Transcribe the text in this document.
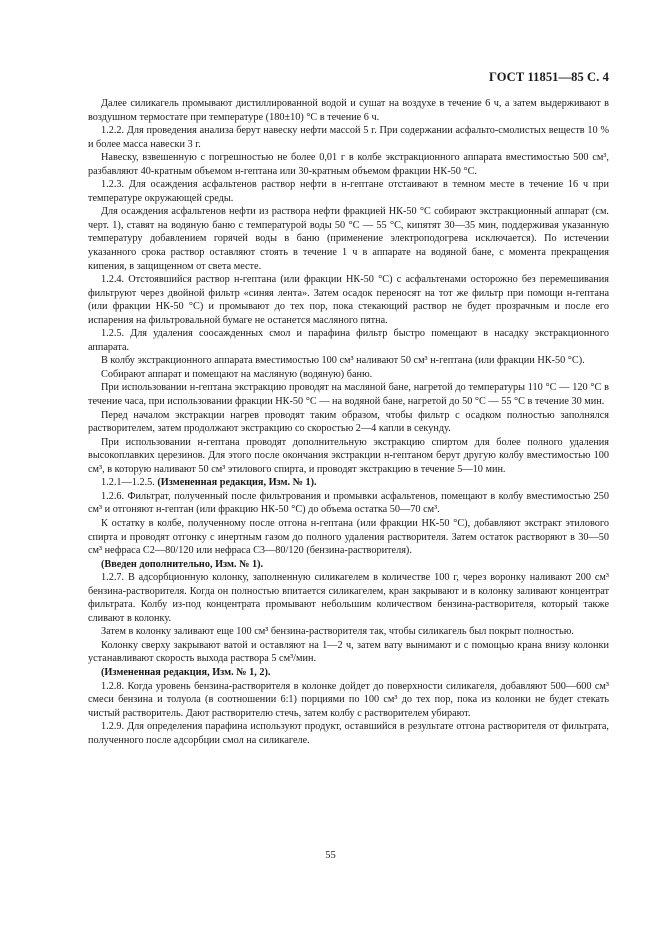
ГОСТ 11851—85 С. 4

Далее силикагель промывают дистиллированной водой и сушат на воздухе в течение 6 ч, а затем выдерживают в воздушном термостате при температуре (180±10) °С в течение 6 ч.

1.2.2. Для проведения анализа берут навеску нефти массой 5 г. При содержании асфальто-смолистых веществ 10 % и более масса навески 3 г.

Навеску, взвешенную с погрешностью не более 0,01 г в колбе экстракционного аппарата вместимостью 500 см³, разбавляют 40-кратным объемом н-гептана или 30-кратным объемом фракции НК-50 °С.

1.2.3. Для осаждения асфальтенов раствор нефти в н-гептане отстаивают в темном месте в течение 16 ч при температуре окружающей среды.

Для осаждения асфальтенов нефти из раствора нефти фракцией НК-50 °С собирают экстракционный аппарат (см. черт. 1), ставят на водяную баню с температурой воды 50 °С — 55 °С, кипятят 30—35 мин, поддерживая указанную температуру добавлением горячей воды в баню (применение электроподогрева исключается). По истечении указанного срока раствор оставляют стоять в течение 1 ч в аппарате на водяной бане, с момента прекращения кипения, в защищенном от света месте.

1.2.4. Отстоявшийся раствор н-гептана (или фракции НК-50 °С) с асфальтенами осторожно без перемешивания фильтруют через двойной фильтр «синяя лента». Затем осадок переносят на тот же фильтр при помощи н-гептана (или фракции НК-50 °С) и промывают до тех пор, пока стекающий раствор не будет прозрачным и после его испарения на фильтровальной бумаге не останется масляного пятна.

1.2.5. Для удаления соосажденных смол и парафина фильтр быстро помещают в насадку экстракционного аппарата.

В колбу экстракционного аппарата вместимостью 100 см³ наливают 50 см³ н-гептана (или фракции НК-50 °С).

Собирают аппарат и помещают на масляную (водяную) баню.

При использовании н-гептана экстракцию проводят на масляной бане, нагретой до температуры 110 °С — 120 °С в течение часа, при использовании фракции НК-50 °С — на водяной бане, нагретой до 50 °С — 55 °С в течение 30 мин.

Перед началом экстракции нагрев проводят таким образом, чтобы фильтр с осадком полностью заполнялся растворителем, затем продолжают экстракцию со скоростью 2—4 капли в секунду.

При использовании н-гептана проводят дополнительную экстракцию спиртом для более полного удаления высокоплавких церезинов. Для этого после окончания экстракции н-гептаном берут другую колбу вместимостью 100 см³, в которую наливают 50 см³ этилового спирта, и проводят экстракцию в течение 5—10 мин.

1.2.1—1.2.5. (Измененная редакция, Изм. № 1).

1.2.6. Фильтрат, полученный после фильтрования и промывки асфальтенов, помещают в колбу вместимостью 250 см³ и отгоняют н-гептан (или фракцию НК-50 °С) до объема остатка 50—70 см³.

К остатку в колбе, полученному после отгона н-гептана (или фракции НК-50 °С), добавляют экстракт этилового спирта и проводят отгонку с инертным газом до полного удаления растворителя. Затем остаток растворяют в 30—50 см³ нефраса С2—80/120 или нефраса С3—80/120 (бензина-растворителя).

(Введен дополнительно, Изм. № 1).

1.2.7. В адсорбционную колонку, заполненную силикагелем в количестве 100 г, через воронку наливают 200 см³ бензина-растворителя. Когда он полностью впитается силикагелем, кран закрывают и в колонку заливают концентрат фильтрата. Колбу из-под концентрата промывают небольшим количеством бензина-растворителя, который также сливают в колонку.

Затем в колонку заливают еще 100 см³ бензина-растворителя так, чтобы силикагель был покрыт полностью.

Колонку сверху закрывают ватой и оставляют на 1—2 ч, затем вату вынимают и с помощью крана внизу колонки устанавливают скорость выхода раствора 5 см³/мин.

(Измененная редакция, Изм. № 1, 2).

1.2.8. Когда уровень бензина-растворителя в колонке дойдет до поверхности силикагеля, добавляют 500—600 см³ смеси бензина и толуола (в соотношении 6:1) порциями по 100 см³ до тех пор, пока из колонки не будет стекать чистый растворитель. Дают растворителю стечь, затем колбу с растворителем убирают.

1.2.9. Для определения парафина используют продукт, оставшийся в результате отгона растворителя от фильтрата, полученного после адсорбции смол на силикагеле.

55
